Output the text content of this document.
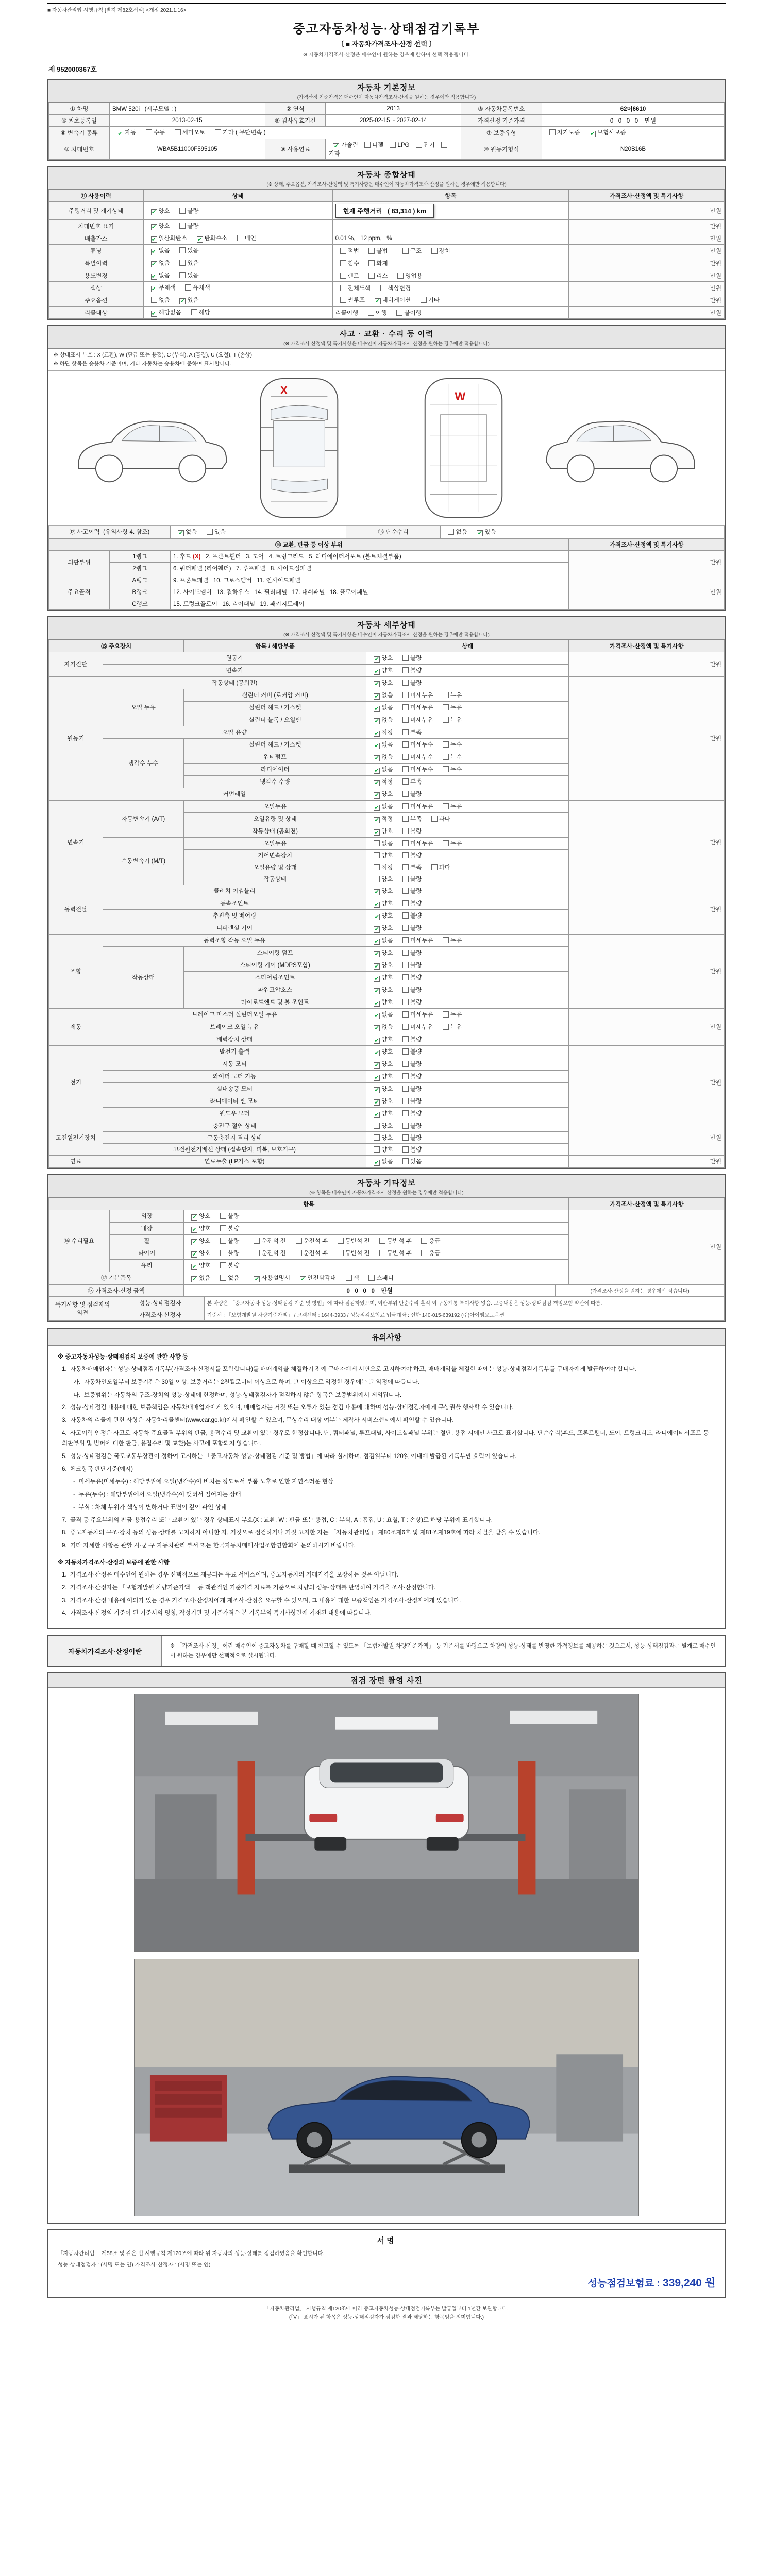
■ 자동차관리법 시행규칙 [별지 제82호서식] <개정 2021.1.16>
중고자동차성능·상태점검기록부
〔 ■ 자동차가격조사·산정 선택 〕
※ 자동차가격조사·산정은 매수인이 원하는 경우에 한하여 선택·적용됩니다.
제 952000367호
자동차 기본정보
(가격산정 기준가격은 매수인이 자동차가격조사·산정을 원하는 경우에만 적용합니다)
① 차명	BMW 520i   (세부모델 : )	② 연식	2013	③ 자동차등록번호	62머6610
④ 최초등록일	2013-02-15	⑤ 검사유효기간	2025-02-15 ~ 2027-02-14	가격산정 기준가격	0   0   0   0    만원
⑥ 변속기 종류	✔ 자동   수동   세미오토   기타 ( 무단변속 )			⑦ 보증유형	자가보증   ✔ 보험사보증
⑧ 차대번호	WBA5B11000F595105	⑨ 사용연료	✔ 가솔린 디젤 LPG 전기 기타	⑩ 원동기형식	N20B16B
자동차 종합상태
(※ 상태, 주요옵션, 가격조사·산정액 및 특기사항은 매수인이 자동차가격조사·산정을 원하는 경우에만 적용합니다)
⑪ 사용이력	상태	항목	가격조사·산정액 및 특기사항
주행거리 및 계기상태	✔ 양호   불량	현재 주행거리   ( 83,314 ) km	만원
차대번호 표기	✔ 양호   불량		만원
배출가스	✔ 일산화탄소   ✔ 탄화수소   매연	0.01 %,   12 ppm,   %	만원
튜닝	✔ 없음   있음	적법   불법      구조   장치	만원
특별이력	✔ 없음   있음	침수   화재	만원
용도변경	✔ 없음   있음	렌트   리스   영업용	만원
색상	✔ 무채색   유채색	전체도색   색상변경	만원
주요옵션	없음   ✔ 있음	썬루프   ✔ 네비게이션   기타	만원
리콜대상	✔ 해당없음   해당	리콜이행   이행   불이행	만원
사고 · 교환 · 수리 등 이력
(※ 가격조사·산정액 및 특기사항은 매수인이 자동차가격조사·산정을 원하는 경우에만 적용합니다)
※ 상태표시 부호 : X (교환), W (판금 또는 용접), C (부식), A (흠집), U (요철), T (손상)
※ 하단 항목은 승용차 기준이며, 기타 자동차는 승용차에 준하여 표시합니다.
X	W
⑫ 사고이력  (유의사항 4. 참조)	✔ 없음   있음	⑬ 단순수리	없음   ✔ 있음
⑭ 교환, 판금 등 이상 부위			가격조사·산정액 및 특기사항
외판부위	1랭크	1. 후드 (X)   2. 프론트휀더   3. 도어   4. 트렁크리드   5. 라디에이터서포트 (볼트체결부품)	만원
	2랭크	6. 쿼터패널 (리어휀더)   7. 루프패널   8. 사이드실패널	
주요골격	A랭크	9. 프론트패널   10. 크로스멤버   11. 인사이드패널	만원
	B랭크	12. 사이드멤버   13. 휠하우스   14. 필러패널   17. 대쉬패널   18. 플로어패널	
	C랭크	15. 트렁크플로어   16. 리어패널   19. 패키지트레이	
자동차 세부상태
(※ 가격조사·산정액 및 특기사항은 매수인이 자동차가격조사·산정을 원하는 경우에만 적용합니다)
⑮ 주요장치		항목 / 해당부품	상태	가격조사·산정액 및 특기사항
자기진단	원동기		✔ 양호   불량	만원
	변속기		✔ 양호   불량	
원동기	작동상태 (공회전)		✔ 양호   불량	만원
	오일 누유	실린더 커버 (로커암 커버)	✔ 없음   미세누유   누유	
		실린더 헤드 / 가스켓	✔ 없음   미세누유   누유	
		실린더 블록 / 오일팬	✔ 없음   미세누유   누유	
	오일 유량		✔ 적정   부족	
	냉각수 누수	실린더 헤드 / 가스켓	✔ 없음   미세누수   누수	
		워터펌프	✔ 없음   미세누수   누수	
		라디에이터	✔ 없음   미세누수   누수	
		냉각수 수량	✔ 적정   부족	
	커먼레일		✔ 양호   불량	
변속기	자동변속기 (A/T)	오일누유	✔ 없음   미세누유   누유	만원
		오일유량 및 상태	✔ 적정   부족   과다	
		작동상태 (공회전)	✔ 양호   불량	
	수동변속기 (M/T)	오일누유	없음   미세누유   누유	
		기어변속장치	양호   불량	
		오일유량 및 상태	적정   부족   과다	
		작동상태	양호   불량	
동력전달	클러치 어셈블리		✔ 양호   불량	만원
	등속조인트		✔ 양호   불량	
	추진축 및 베어링		✔ 양호   불량	
	디퍼렌셜 기어		✔ 양호   불량	
조향	동력조향 작동 오일 누유		✔ 없음   미세누유   누유	만원
	작동상태	스티어링 펌프	✔ 양호   불량	
		스티어링 기어 (MDPS포함)	✔ 양호   불량	
		스티어링조인트	✔ 양호   불량	
		파워고압호스	✔ 양호   불량	
		타이로드엔드 및 볼 조인트	✔ 양호   불량	
제동	브레이크 마스터 실린더오일 누유		✔ 없음   미세누유   누유	만원
	브레이크 오일 누유		✔ 없음   미세누유   누유	
	배력장치 상태		✔ 양호   불량	
전기	발전기 출력		✔ 양호   불량	만원
	시동 모터		✔ 양호   불량	
	와이퍼 모터 기능		✔ 양호   불량	
	실내송풍 모터		✔ 양호   불량	
	라디에이터 팬 모터		✔ 양호   불량	
	윈도우 모터		✔ 양호   불량	
고전원전기장치	충전구 절연 상태		양호   불량	만원
	구동축전지 격리 상태		양호   불량	
	고전원전기배선 상태 (접속단자, 피복, 보호기구)		양호   불량	
연료	연료누출 (LP가스 포함)		✔ 없음   있음	만원
자동차 기타정보
(※ 항목은 매수인이 자동차가격조사·산정을 원하는 경우에만 적용합니다)
항목			가격조사·산정액 및 특기사항
⑯ 수리필요	외장	✔ 양호   불량	만원
	내장	✔ 양호   불량	
	휠	✔ 양호   불량      운전석 전   운전석 후   동반석 전   동반석 후   응급	
	타이어	✔ 양호   불량      운전석 전   운전석 후   동반석 전   동반석 후   응급	
	유리	✔ 양호   불량	
⑰ 기본품목		✔ 있음   없음      ✔ 사용설명서   ✔ 안전삼각대   잭   스패너	
⑱ 가격조사·산정 금액	0   0   0   0    만원	(가격조사·산정을 원하는 경우에만 적습니다)
특기사항 및 점검자의 의견	성능·상태점검자	본 차량은 「중고자동차 성능·상태점검 기준 및 방법」에 따라 점검하였으며, 외판부위 단순수리 흔적 외 구동계통 특이사항 없음. 보증내용은 성능·상태점검 책임보험 약관에 따름.
	가격조사·산정자	기준서 : 「보험개발원 차량기준가액」 / 고객센터 : 1644-3933 / 성능점검보험료 입금계좌 : 신한 140-015-639192 (주)아이엠오토옥션
유의사항
※ 중고자동차성능·상태점검의 보증에 관한 사항 등
1.  자동차매매업자는 성능·상태점검기록부(가격조사·산정서를 포함합니다)를 매매계약을 체결하기 전에 구매자에게 서면으로 고지하여야 하고, 매매계약을 체결한 때에는 성능·상태점검기록부를 구매자에게 발급하여야 합니다.
가.  자동차인도일부터 보증기간은 30일 이상, 보증거리는 2천킬로미터 이상으로 하며, 그 이상으로 약정한 경우에는 그 약정에 따릅니다.
나.  보증범위는 자동차의 구조·장치의 성능·상태에 한정하며, 성능·상태점검자가 점검하지 않은 항목은 보증범위에서 제외됩니다.
2.  성능·상태점검 내용에 대한 보증책임은 자동차매매업자에게 있으며, 매매업자는 거짓 또는 오류가 있는 점검 내용에 대하여 성능·상태점검자에게 구상권을 행사할 수 있습니다.
3.  자동차의 리콜에 관한 사항은 자동차리콜센터(www.car.go.kr)에서 확인할 수 있으며, 무상수리 대상 여부는 제작사 서비스센터에서 확인할 수 있습니다.
4.  사고이력 인정은 사고로 자동차 주요골격 부위의 판금, 용접수리 및 교환이 있는 경우로 한정합니다. 단, 쿼터패널, 루프패널, 사이드실패널 부위는 절단, 용접 시에만 사고로 표기합니다. 단순수리(후드, 프론트휀더, 도어, 트렁크리드, 라디에이터서포트 등 외판부위 및 범퍼에 대한 판금, 용접수리 및 교환)는 사고에 포함되지 않습니다.
5.  성능·상태점검은 국토교통부장관이 정하여 고시하는 「중고자동차 성능·상태점검 기준 및 방법」에 따라 실시하며, 점검일부터 120일 이내에 발급된 기록부만 효력이 있습니다.
6.  체크항목 판단기준(예시)
-  미세누유(미세누수) : 해당부위에 오일(냉각수)이 비치는 정도로서 부품 노후로 인한 자연스러운 현상
-  누유(누수) : 해당부위에서 오일(냉각수)이 맺혀서 떨어지는 상태
-  부식 : 차체 부위가 색상이 변하거나 표면이 깊이 파인 상태
7.  골격 등 주요부위의 판금·용접수리 또는 교환이 있는 경우 상태표시 부호(X : 교환, W : 판금 또는 용접, C : 부식, A : 흠집, U : 요철, T : 손상)로 해당 부위에 표기합니다.
8.  중고자동차의 구조·장치 등의 성능·상태를 고지하지 아니한 자, 거짓으로 점검하거나 거짓 고지한 자는 「자동차관리법」 제80조제6호 및 제81조제19호에 따라 처벌을 받을 수 있습니다.
9.  기타 자세한 사항은 관할 시·군·구 자동차관리 부서 또는 한국자동차매매사업조합연합회에 문의하시기 바랍니다.
※ 자동차가격조사·산정의 보증에 관한 사항
1.  가격조사·산정은 매수인이 원하는 경우 선택적으로 제공되는 유료 서비스이며, 중고자동차의 거래가격을 보장하는 것은 아닙니다.
2.  가격조사·산정자는 「보험개발원 차량기준가액」 등 객관적인 기준가격 자료를 기준으로 차량의 성능·상태를 반영하여 가격을 조사·산정합니다.
3.  가격조사·산정 내용에 이의가 있는 경우 가격조사·산정자에게 재조사·산정을 요구할 수 있으며, 그 내용에 대한 보증책임은 가격조사·산정자에게 있습니다.
4.  가격조사·산정의 기준이 된 기준서의 명칭, 작성기관 및 기준가격은 본 기록부의 특기사항란에 기재된 내용에 따릅니다.
자동차가격조사·산정이란
※ 「가격조사·산정」이란 매수인이 중고자동차를 구매할 때 참고할 수 있도록 「보험개발원 차량기준가액」 등 기준서를 바탕으로 차량의 성능·상태를 반영한 가격정보를 제공하는 것으로서, 성능·상태점검과는 별개로 매수인이 원하는 경우에만 선택적으로 실시됩니다.
점검 장면 촬영 사진
서명
「자동차관리법」 제58조 및 같은 법 시행규칙 제120조에 따라 위 자동차의 성능·상태를 점검하였음을 확인합니다.
성능·상태점검자 : (서명 또는 인) 가격조사·산정자 : (서명 또는 인)
성능점검보험료 : 339,240 원
「자동차관리법」 시행규칙 제120조에 따라 중고자동차성능·상태점검기록부는 발급일부터 1년간 보관합니다.
(「V」 표시가 된 항목은 성능·상태점검자가 점검한 결과 해당하는 항목임을 의미합니다.)
